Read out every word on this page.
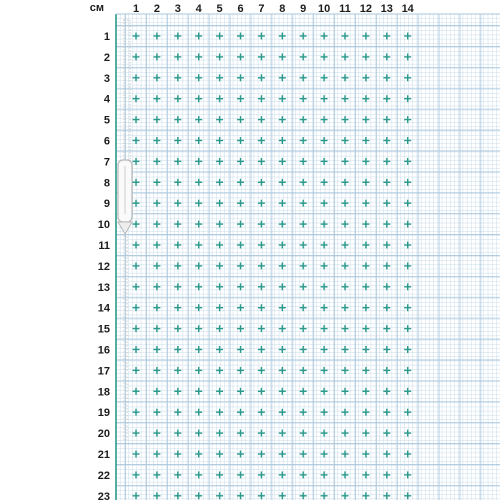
см	1 2 3 4 5 6 7 8 9 10 11 12 13 14
1
2
3
4
5
6
7
8
9
10
11
12
13
14
15
16
17
18
19
20
21
22
23
